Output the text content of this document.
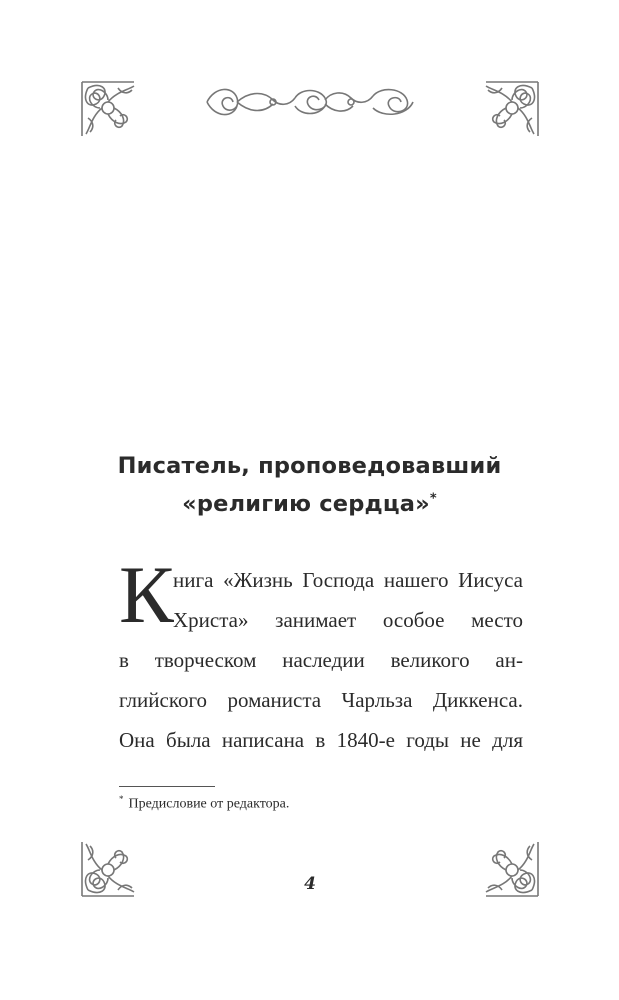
Писатель, проповедовавший
«религию сердца»*
К нига «Жизнь Господа нашего Иисуса
Христа» занимает особое место
в творческом наследии великого ан-
глийского романиста Чарльза Диккенса.
Она была написана в 1840-е годы не для
* Предисловие от редактора.
4
